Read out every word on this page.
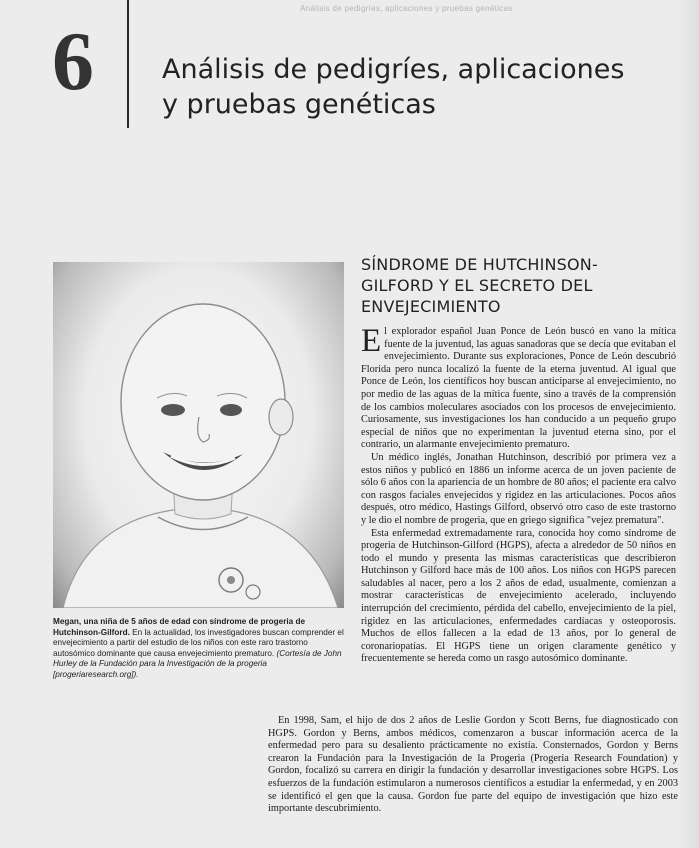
Análisis de pedigríes, aplicaciones y pruebas genéticas
6	Análisis de pedigríes, aplicaciones
y pruebas genéticas

Megan, una niña de 5 años de edad con síndrome de progeria de Hutchinson-Gilford. En la actualidad, los investigadores buscan comprender el envejecimiento a partir del estudio de los niños con este raro trastorno autosómico dominante que causa envejecimiento prematuro. (Cortesía de John Hurley de la Fundación para la Investigación de la progeria [progeriaresearch.org]).

SÍNDROME DE HUTCHINSON-
GILFORD Y EL SECRETO DEL
ENVEJECIMIENTO

El explorador español Juan Ponce de León buscó en vano la mítica fuente de la juventud, las aguas sanadoras que se decía que evitaban el envejecimiento. Durante sus exploraciones, Ponce de León descubrió Florida pero nunca localizó la fuente de la eterna juventud. Al igual que Ponce de León, los científicos hoy buscan anticiparse al envejecimiento, no por medio de las aguas de la mítica fuente, sino a través de la comprensión de los cambios moleculares asociados con los procesos de envejecimiento. Curiosamente, sus investigaciones los han conducido a un pequeño grupo especial de niños que no experimentan la juventud eterna sino, por el contrario, un alarmante envejecimiento prematuro.

Un médico inglés, Jonathan Hutchinson, describió por primera vez a estos niños y publicó en 1886 un informe acerca de un joven paciente de sólo 6 años con la apariencia de un hombre de 80 años; el paciente era calvo con rasgos faciales envejecidos y rigidez en las articulaciones. Pocos años después, otro médico, Hastings Gilford, observó otro caso de este trastorno y le dio el nombre de progeria, que en griego significa "vejez prematura".

Esta enfermedad extremadamente rara, conocida hoy como síndrome de progeria de Hutchinson-Gilford (HGPS), afecta a alrededor de 50 niños en todo el mundo y presenta las mismas características que describieron Hutchinson y Gilford hace más de 100 años. Los niños con HGPS parecen saludables al nacer, pero a los 2 años de edad, usualmente, comienzan a mostrar características de envejecimiento acelerado, incluyendo interrupción del crecimiento, pérdida del cabello, envejecimiento de la piel, rigidez en las articulaciones, enfermedades cardíacas y osteoporosis. Muchos de ellos fallecen a la edad de 13 años, por lo general de coronariopatías. El HGPS tiene un origen claramente genético y frecuentemente se hereda como un rasgo autosómico dominante.

En 1998, Sam, el hijo de dos 2 años de Leslie Gordon y Scott Berns, fue diagnosticado con HGPS. Gordon y Berns, ambos médicos, comenzaron a buscar información acerca de la enfermedad pero para su desaliento prácticamente no existía. Consternados, Gordon y Berns crearon la Fundación para la Investigación de la Progeria (Progeria Research Foundation) y Gordon, focalizó su carrera en dirigir la fundación y desarrollar investigaciones sobre HGPS. Los esfuerzos de la fundación estimularon a numerosos científicos a estudiar la enfermedad, y en 2003 se identificó el gen que la causa. Gordon fue parte del equipo de investigación que hizo este importante descubrimiento.
